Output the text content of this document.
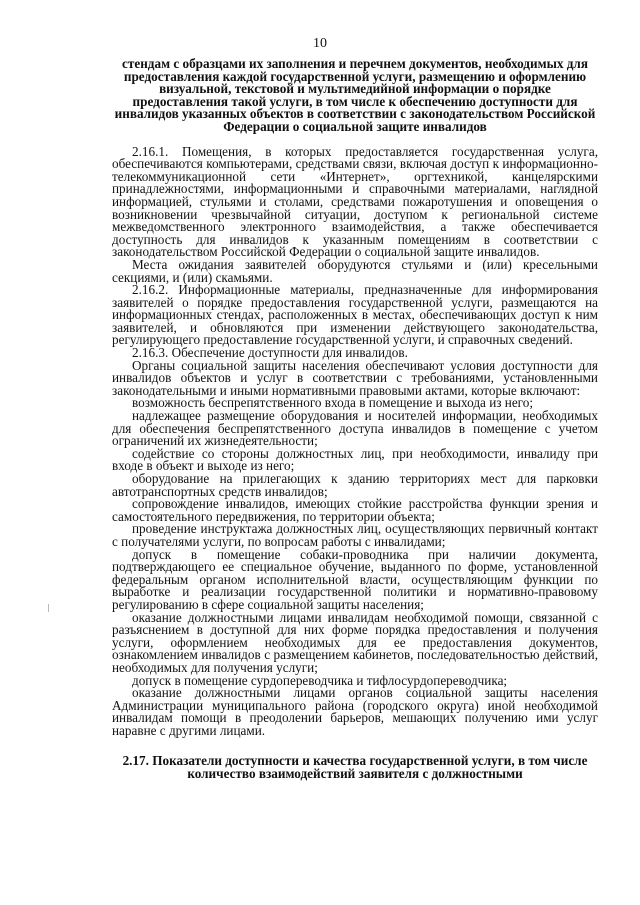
10
стендам с образцами их заполнения и перечнем документов, необходимых для предоставления каждой государственной услуги, размещению и оформлению визуальной, текстовой и мультимедийной информации о порядке предоставления такой услуги, в том числе к обеспечению доступности для инвалидов указанных объектов в соответствии с законодательством Российской Федерации о социальной защите инвалидов

2.16.1. Помещения, в которых предоставляется государственная услуга, обеспечиваются компьютерами, средствами связи, включая доступ к информационно-телекоммуникационной сети «Интернет», оргтехникой, канцелярскими принадлежностями, информационными и справочными материалами, наглядной информацией, стульями и столами, средствами пожаротушения и оповещения о возникновении чрезвычайной ситуации, доступом к региональной системе межведомственного электронного взаимодействия, а также обеспечивается доступность для инвалидов к указанным помещениям в соответствии с законодательством Российской Федерации о социальной защите инвалидов.

Места ожидания заявителей оборудуются стульями и (или) кресельными секциями, и (или) скамьями.

2.16.2. Информационные материалы, предназначенные для информирования заявителей о порядке предоставления государственной услуги, размещаются на информационных стендах, расположенных в местах, обеспечивающих доступ к ним заявителей, и обновляются при изменении действующего законодательства, регулирующего предоставление государственной услуги, и справочных сведений.

2.16.3. Обеспечение доступности для инвалидов.

Органы социальной защиты населения обеспечивают условия доступности для инвалидов объектов и услуг в соответствии с требованиями, установленными законодательными и иными нормативными правовыми актами, которые включают:

возможность беспрепятственного входа в помещение и выхода из него;

надлежащее размещение оборудования и носителей информации, необходимых для обеспечения беспрепятственного доступа инвалидов в помещение с учетом ограничений их жизнедеятельности;

содействие со стороны должностных лиц, при необходимости, инвалиду при входе в объект и выходе из него;

оборудование на прилегающих к зданию территориях мест для парковки автотранспортных средств инвалидов;

сопровождение инвалидов, имеющих стойкие расстройства функции зрения и самостоятельного передвижения, по территории объекта;

проведение инструктажа должностных лиц, осуществляющих первичный контакт с получателями услуги, по вопросам работы с инвалидами;

допуск в помещение собаки-проводника при наличии документа, подтверждающего ее специальное обучение, выданного по форме, установленной федеральным органом исполнительной власти, осуществляющим функции по выработке и реализации государственной политики и нормативно-правовому регулированию в сфере социальной защиты населения;

оказание должностными лицами инвалидам необходимой помощи, связанной с разъяснением в доступной для них форме порядка предоставления и получения услуги, оформлением необходимых для ее предоставления документов, ознакомлением инвалидов с размещением кабинетов, последовательностью действий, необходимых для получения услуги;

допуск в помещение сурдопереводчика и тифлосурдопереводчика;

оказание должностными лицами органов социальной защиты населения Администрации муниципального района (городского округа) иной необходимой инвалидам помощи в преодолении барьеров, мешающих получению ими услуг наравне с другими лицами.

2.17. Показатели доступности и качества государственной услуги, в том числе количество взаимодействий заявителя с должностными
